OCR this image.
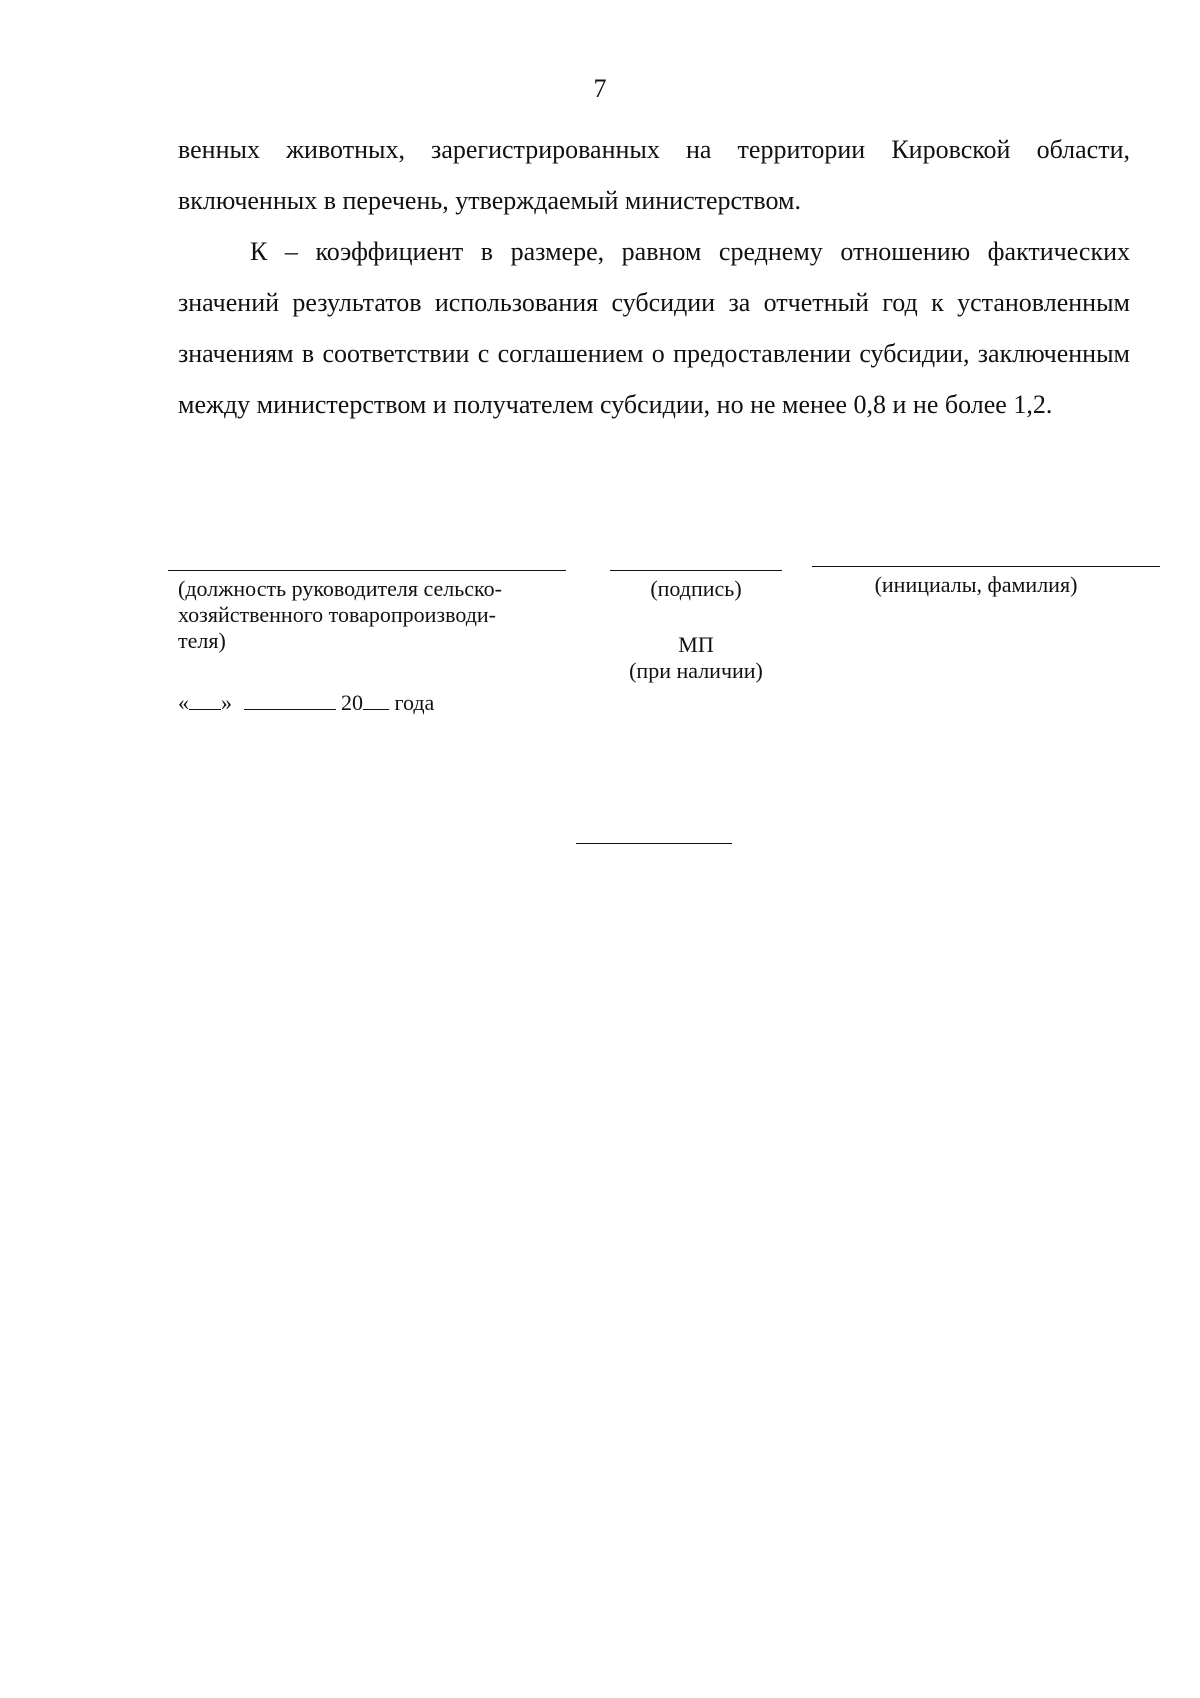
7

венных животных, зарегистрированных на территории Кировской области, включенных в перечень, утверждаемый министерством.

К – коэффициент в размере, равном среднему отношению фактических значений результатов использования субсидии за отчетный год к установленным значениям в соответствии с соглашением о предоставлении субсидии, заключенным между министерством и получателем субсидии, но не менее 0,8 и не более 1,2.

(должность руководителя сельско-
хозяйственного товаропроизводи-
теля)
(подпись)	(инициалы, фамилия)
МП
(при наличии)
« »	20 года
